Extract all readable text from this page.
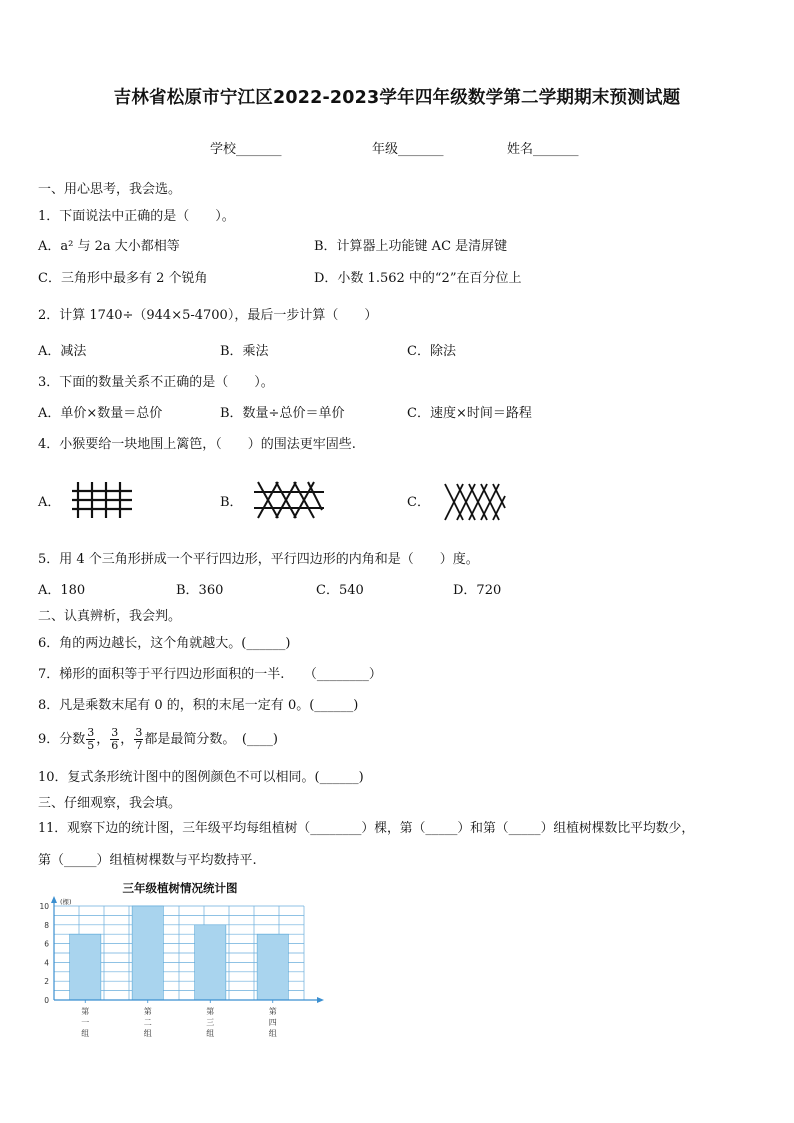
吉林省松原市宁江区2022-2023学年四年级数学第二学期期末预测试题
学校_______	年级_______	姓名_______
一、用心思考，我会选。
1．下面说法中正确的是（　　）。
A．a² 与 2a 大小都相等	B．计算器上功能键 AC 是清屏键
C．三角形中最多有 2 个锐角	D．小数 1.562 中的“2”在百分位上
2．计算 1740÷（944×5-4700），最后一步计算（　　）
A．减法	B．乘法	C．除法
3．下面的数量关系不正确的是（　　）。
A．单价×数量＝总价	B．数量÷总价＝单价	C．速度×时间＝路程
4．小猴要给一块地围上篱笆，（　　）的围法更牢固些.
A．	B．	C．
5．用 4 个三角形拼成一个平行四边形，平行四边形的内角和是（　　）度。
A．180	B．360	C．540	D．720
二、认真辨析，我会判。
6．角的两边越长，这个角就越大。(______)
7．梯形的面积等于平行四边形面积的一半.　　（________）
8．凡是乘数末尾有 0 的，积的末尾一定有 0。(______)
9．分数 $\frac{3}{5}$ ， $\frac{3}{6}$ ， $\frac{3}{7}$ 都是最简分数。　(____)
10．复式条形统计图中的图例颜色不可以相同。(______)
三、仔细观察，我会填。
11．观察下边的统计图，三年级平均每组植树（________）棵，第（_____）和第（_____）组植树棵数比平均数少，
第（_____）组植树棵数与平均数持平.
三年级植树情况统计图
(棵)
第
一
组
第
二
组
第
三
组
第
四
组
0
2
4
6
8
10
